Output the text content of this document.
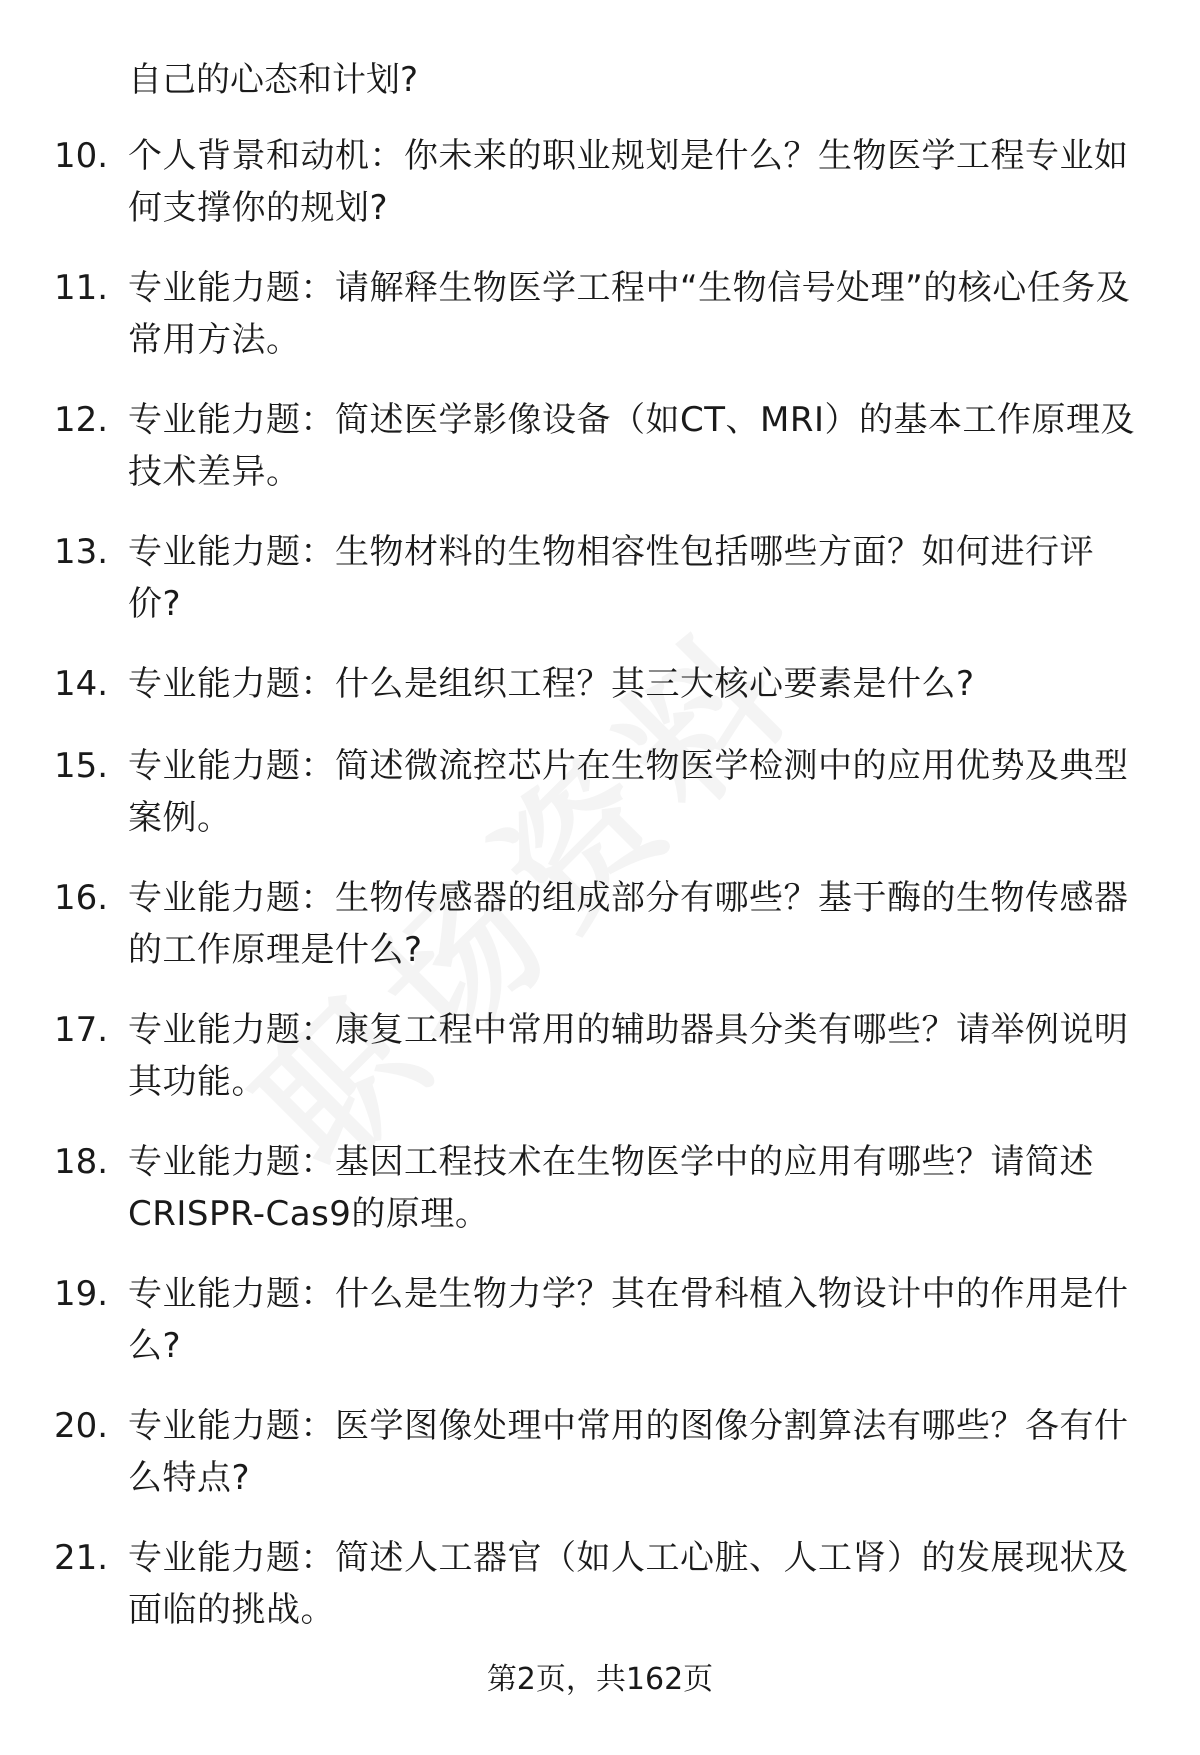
自己的心态和计划?
10. 个人背景和动机：你未来的职业规划是什么？生物医学工程专业如何支撑你的规划?
11. 专业能力题：请解释生物医学工程中“生物信号处理”的核心任务及常用方法。
12. 专业能力题：简述医学影像设备（如CT、MRI）的基本工作原理及技术差异。
13. 专业能力题：生物材料的生物相容性包括哪些方面？如何进行评价?
14. 专业能力题：什么是组织工程？其三大核心要素是什么?
15. 专业能力题：简述微流控芯片在生物医学检测中的应用优势及典型案例。
16. 专业能力题：生物传感器的组成部分有哪些？基于酶的生物传感器的工作原理是什么?
17. 专业能力题：康复工程中常用的辅助器具分类有哪些？请举例说明其功能。
18. 专业能力题：基因工程技术在生物医学中的应用有哪些？请简述CRISPR-Cas9的原理。
19. 专业能力题：什么是生物力学？其在骨科植入物设计中的作用是什么?
20. 专业能力题：医学图像处理中常用的图像分割算法有哪些？各有什么特点?
21. 专业能力题：简述人工器官（如人工心脏、人工肾）的发展现状及面临的挑战。
第2页，共162页
